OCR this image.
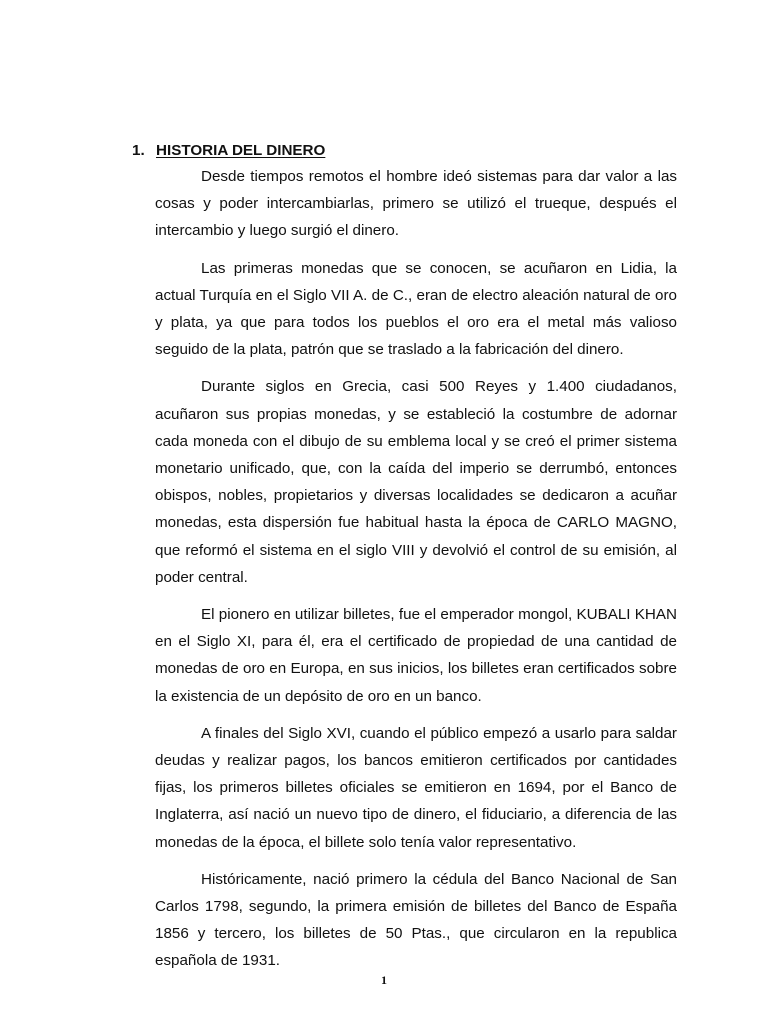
1. HISTORIA DEL DINERO

Desde tiempos remotos el hombre ideó sistemas para dar valor a las cosas y poder intercambiarlas, primero se utilizó el trueque, después el intercambio y luego surgió el dinero.

Las primeras monedas que se conocen, se acuñaron en Lidia, la actual Turquía en el Siglo VII A. de C., eran de electro aleación natural de oro y plata, ya que para todos los pueblos el oro era el metal más valioso seguido de la plata, patrón que se traslado a la fabricación del dinero.

Durante siglos en Grecia, casi 500 Reyes y 1.400 ciudadanos, acuñaron sus propias monedas, y se estableció la costumbre de adornar cada moneda con el dibujo de su emblema local y se creó el primer sistema monetario unificado, que, con la caída del imperio se derrumbó, entonces obispos, nobles, propietarios y diversas localidades se dedicaron a acuñar monedas, esta dispersión fue habitual hasta la época de CARLO MAGNO, que reformó el sistema en el siglo VIII y devolvió el control de su emisión, al poder central.

El pionero en utilizar billetes, fue el emperador mongol, KUBALI KHAN en el Siglo XI, para él, era el certificado de propiedad de una cantidad de monedas de oro en Europa, en sus inicios, los billetes eran certificados sobre la existencia de un depósito de oro en un banco.

A finales del Siglo XVI, cuando el público empezó a usarlo para saldar deudas y realizar pagos, los bancos emitieron certificados por cantidades fijas, los primeros billetes oficiales se emitieron en 1694, por el Banco de Inglaterra, así nació un nuevo tipo de dinero, el fiduciario, a diferencia de las monedas de la época, el billete solo tenía valor representativo.

Históricamente, nació primero la cédula del Banco Nacional de San Carlos 1798, segundo, la primera emisión de billetes del Banco de España 1856 y tercero, los billetes de 50 Ptas., que circularon en la republica española de 1931.

1
